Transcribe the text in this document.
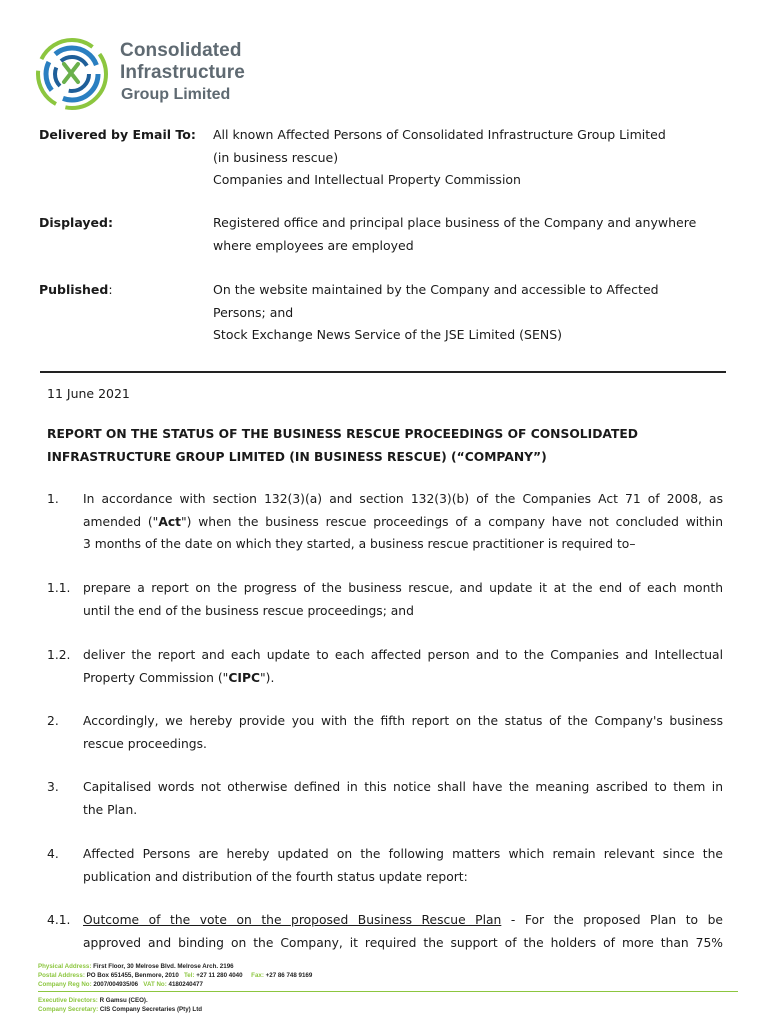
Consolidated
Infrastructure
Group Limited
Delivered by Email To: All known Affected Persons of Consolidated Infrastructure Group Limited
(in business rescue)
Companies and Intellectual Property Commission
Displayed:	Registered office and principal place business of the Company and anywhere
where employees are employed
Published:	On the website maintained by the Company and accessible to Affected
Persons; and
Stock Exchange News Service of the JSE Limited (SENS)
11 June 2021
REPORT ON THE STATUS OF THE BUSINESS RESCUE PROCEEDINGS OF CONSOLIDATED
INFRASTRUCTURE GROUP LIMITED (IN BUSINESS RESCUE) (“COMPANY”)
1. In accordance with section 132(3)(a) and section 132(3)(b) of the Companies Act 71 of 2008, as
amended ("Act") when the business rescue proceedings of a company have not concluded within
3 months of the date on which they started, a business rescue practitioner is required to–
1.1. prepare a report on the progress of the business rescue, and update it at the end of each month
until the end of the business rescue proceedings; and
1.2. deliver the report and each update to each affected person and to the Companies and Intellectual
Property Commission ("CIPC").
2. Accordingly, we hereby provide you with the fifth report on the status of the Company's business
rescue proceedings.
3. Capitalised words not otherwise defined in this notice shall have the meaning ascribed to them in
the Plan.
4. Affected Persons are hereby updated on the following matters which remain relevant since the
publication and distribution of the fourth status update report:
4.1. Outcome of the vote on the proposed Business Rescue Plan - For the proposed Plan to be
approved and binding on the Company, it required the support of the holders of more than 75%
Physical Address: First Floor, 30 Melrose Blvd. Melrose Arch. 2196
Postal Address: PO Box 651455, Benmore, 2010 Tel: +27 11 280 4040 Fax: +27 86 748 9169
Company Reg No: 2007/004935/06 VAT No: 4180240477
Executive Directors: R Gamsu (CEO).
Company Secretary: CIS Company Secretaries (Pty) Ltd
